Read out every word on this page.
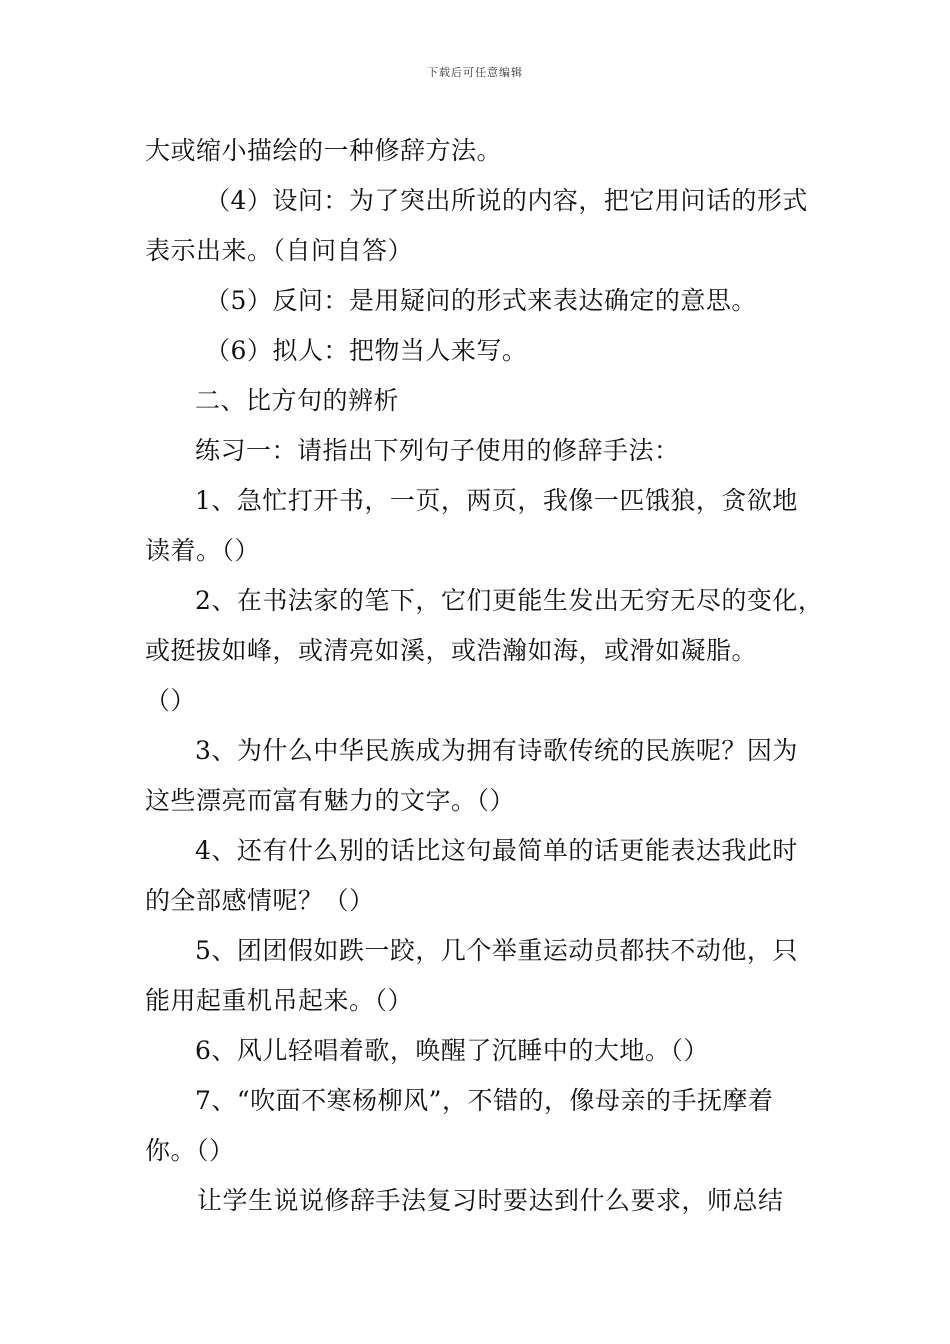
下载后可任意编辑
大或缩小描绘的一种修辞方法。
（4）设问：为了突出所说的内容，把它用问话的形式
表示出来。（自问自答）
（5）反问：是用疑问的形式来表达确定的意思。
（6）拟人：把物当人来写。
二、比方句的辨析
练习一：请指出下列句子使用的修辞手法：
1、急忙打开书，一页，两页，我像一匹饿狼，贪欲地
读着。（）
2、在书法家的笔下，它们更能生发出无穷无尽的变化，
或挺拔如峰，或清亮如溪，或浩瀚如海，或滑如凝脂。
（）
3、为什么中华民族成为拥有诗歌传统的民族呢？因为
这些漂亮而富有魅力的文字。（）
4、还有什么别的话比这句最简单的话更能表达我此时
的全部感情呢？（）
5、团团假如跌一跤，几个举重运动员都扶不动他，只
能用起重机吊起来。（）
6、风儿轻唱着歌，唤醒了沉睡中的大地。（）
7、“吹面不寒杨柳风”，不错的，像母亲的手抚摩着
你。（）
让学生说说修辞手法复习时要达到什么要求，师总结
